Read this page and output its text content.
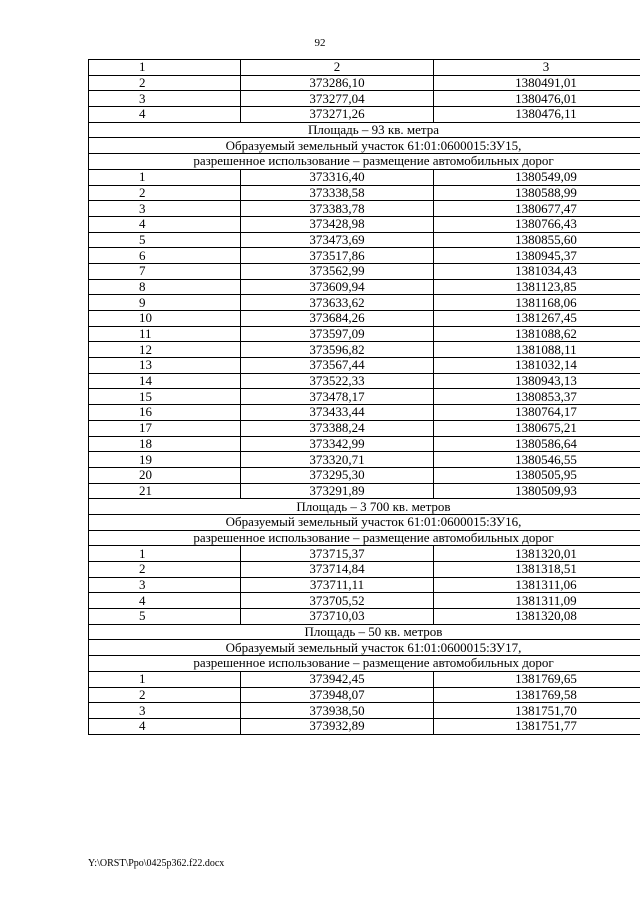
92
1	2	3
2	373286,10	1380491,01
3	373277,04	1380476,01
4	373271,26	1380476,11
Площадь – 93 кв. метра		
Образуемый земельный участок 61:01:0600015:ЗУ15,		
разрешенное использование – размещение автомобильных дорог		
1	373316,40	1380549,09
2	373338,58	1380588,99
3	373383,78	1380677,47
4	373428,98	1380766,43
5	373473,69	1380855,60
6	373517,86	1380945,37
7	373562,99	1381034,43
8	373609,94	1381123,85
9	373633,62	1381168,06
10	373684,26	1381267,45
11	373597,09	1381088,62
12	373596,82	1381088,11
13	373567,44	1381032,14
14	373522,33	1380943,13
15	373478,17	1380853,37
16	373433,44	1380764,17
17	373388,24	1380675,21
18	373342,99	1380586,64
19	373320,71	1380546,55
20	373295,30	1380505,95
21	373291,89	1380509,93
Площадь – 3 700 кв. метров		
Образуемый земельный участок 61:01:0600015:ЗУ16,		
разрешенное использование – размещение автомобильных дорог		
1	373715,37	1381320,01
2	373714,84	1381318,51
3	373711,11	1381311,06
4	373705,52	1381311,09
5	373710,03	1381320,08
Площадь – 50 кв. метров		
Образуемый земельный участок 61:01:0600015:ЗУ17,		
разрешенное использование – размещение автомобильных дорог		
1	373942,45	1381769,65
2	373948,07	1381769,58
3	373938,50	1381751,70
4	373932,89	1381751,77
Y:\ORST\Ppo\0425p362.f22.docx
